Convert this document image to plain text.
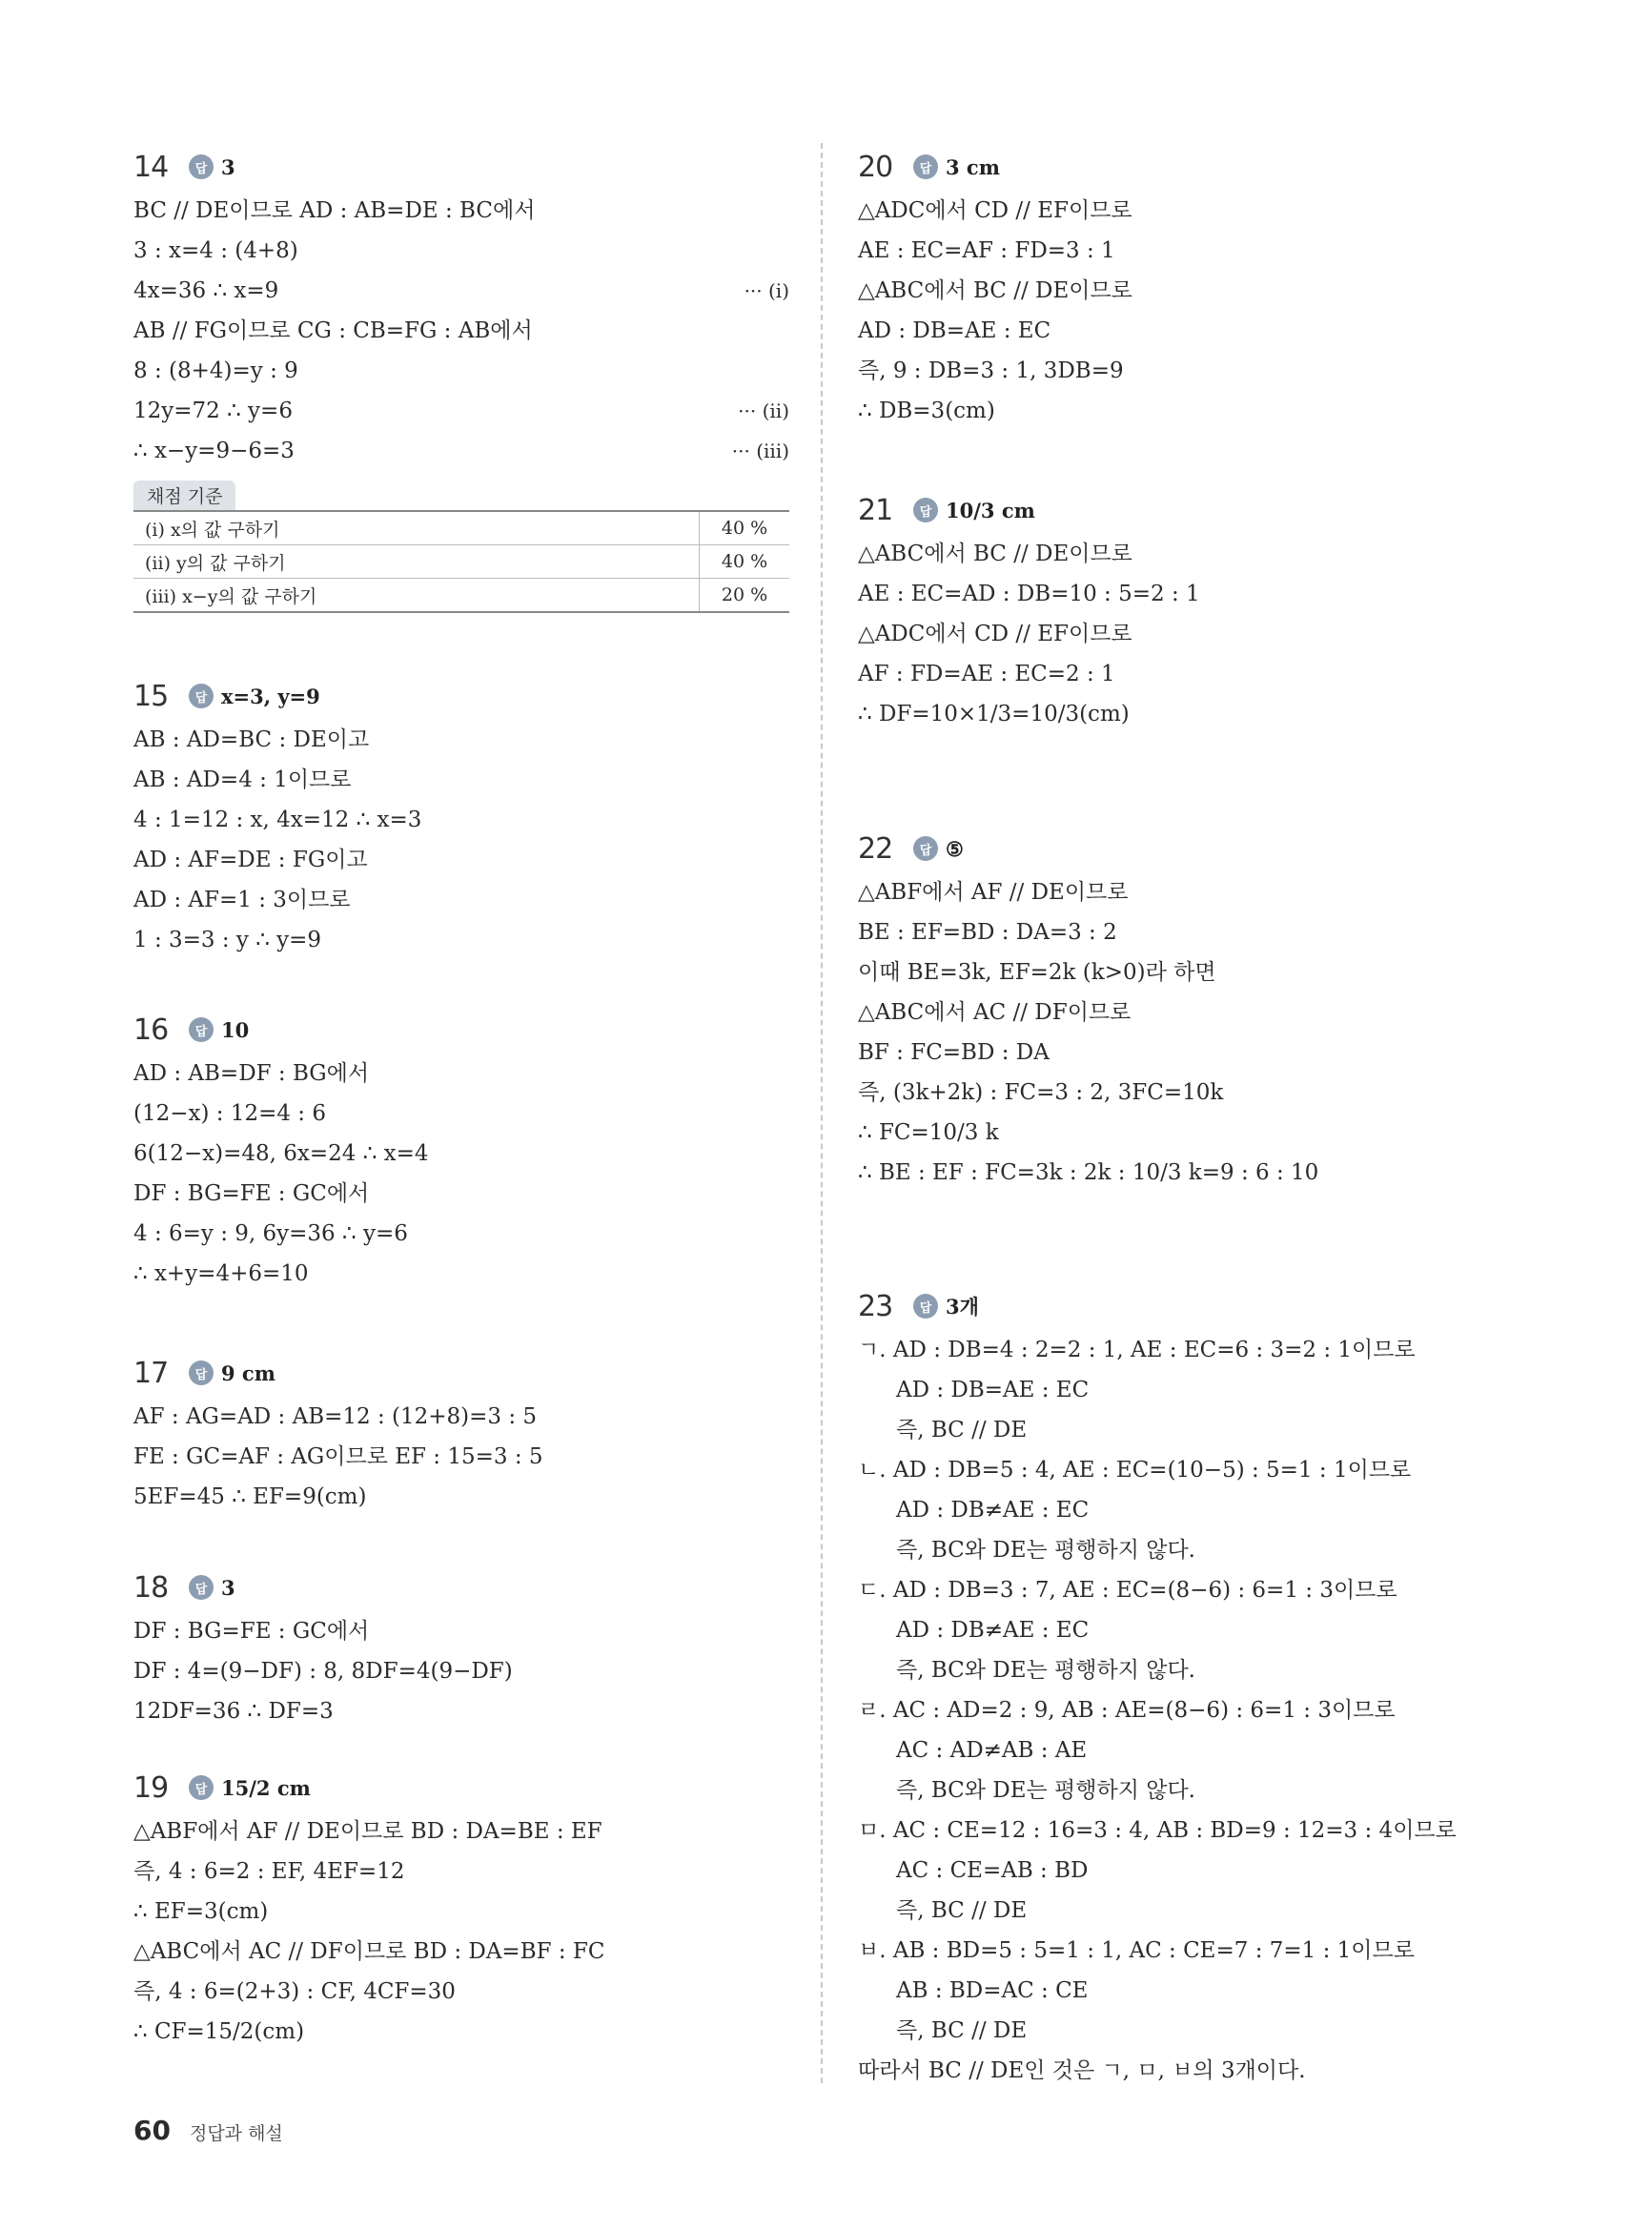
14	답 3
BC // DE이므로 AD : AB=DE : BC에서
3 : x=4 : (4+8)
4x=36 ∴ x=9	··· (ⅰ)
AB // FG이므로 CG : CB=FG : AB에서
8 : (8+4)=y : 9
12y=72 ∴ y=6	··· (ⅱ)
∴ x−y=9−6=3	··· (ⅲ)
채점 기준
(ⅰ) x의 값 구하기	40 %
(ⅱ) y의 값 구하기	40 %
(ⅲ) x−y의 값 구하기	20 %
15	답 x=3, y=9
AB : AD=BC : DE이고
AB : AD=4 : 1이므로
4 : 1=12 : x, 4x=12 ∴ x=3
AD : AF=DE : FG이고
AD : AF=1 : 3이므로
1 : 3=3 : y ∴ y=9
16	답 10
AD : AB=DF : BG에서
(12−x) : 12=4 : 6
6(12−x)=48, 6x=24 ∴ x=4
DF : BG=FE : GC에서
4 : 6=y : 9, 6y=36 ∴ y=6
∴ x+y=4+6=10
17	답 9 cm
AF : AG=AD : AB=12 : (12+8)=3 : 5
FE : GC=AF : AG이므로 EF : 15=3 : 5
5EF=45 ∴ EF=9(cm)
18	답 3
DF : BG=FE : GC에서
DF : 4=(9−DF) : 8, 8DF=4(9−DF)
12DF=36 ∴ DF=3
19	답 15/2 cm
△ABF에서 AF // DE이므로 BD : DA=BE : EF
즉, 4 : 6=2 : EF, 4EF=12
∴ EF=3(cm)
△ABC에서 AC // DF이므로 BD : DA=BF : FC
즉, 4 : 6=(2+3) : CF, 4CF=30
∴ CF=15/2(cm)
20	답 3 cm
△ADC에서 CD // EF이므로
AE : EC=AF : FD=3 : 1
△ABC에서 BC // DE이므로
AD : DB=AE : EC
즉, 9 : DB=3 : 1, 3DB=9
∴ DB=3(cm)
21	답 10/3 cm
△ABC에서 BC // DE이므로
AE : EC=AD : DB=10 : 5=2 : 1
△ADC에서 CD // EF이므로
AF : FD=AE : EC=2 : 1
∴ DF=10×1/3=10/3(cm)
22	답 ⑤
△ABF에서 AF // DE이므로
BE : EF=BD : DA=3 : 2
이때 BE=3k, EF=2k (k>0)라 하면
△ABC에서 AC // DF이므로
BF : FC=BD : DA
즉, (3k+2k) : FC=3 : 2, 3FC=10k
∴ FC=10/3 k
∴ BE : EF : FC=3k : 2k : 10/3 k=9 : 6 : 10
23	답 3개
ㄱ. AD : DB=4 : 2=2 : 1, AE : EC=6 : 3=2 : 1이므로
AD : DB=AE : EC
즉, BC // DE
ㄴ. AD : DB=5 : 4, AE : EC=(10−5) : 5=1 : 1이므로
AD : DB≠AE : EC
즉, BC와 DE는 평행하지 않다.
ㄷ. AD : DB=3 : 7, AE : EC=(8−6) : 6=1 : 3이므로
AD : DB≠AE : EC
즉, BC와 DE는 평행하지 않다.
ㄹ. AC : AD=2 : 9, AB : AE=(8−6) : 6=1 : 3이므로
AC : AD≠AB : AE
즉, BC와 DE는 평행하지 않다.
ㅁ. AC : CE=12 : 16=3 : 4, AB : BD=9 : 12=3 : 4이므로
AC : CE=AB : BD
즉, BC // DE
ㅂ. AB : BD=5 : 5=1 : 1, AC : CE=7 : 7=1 : 1이므로
AB : BD=AC : CE
즉, BC // DE
따라서 BC // DE인 것은 ㄱ, ㅁ, ㅂ의 3개이다.
60 정답과 해설
